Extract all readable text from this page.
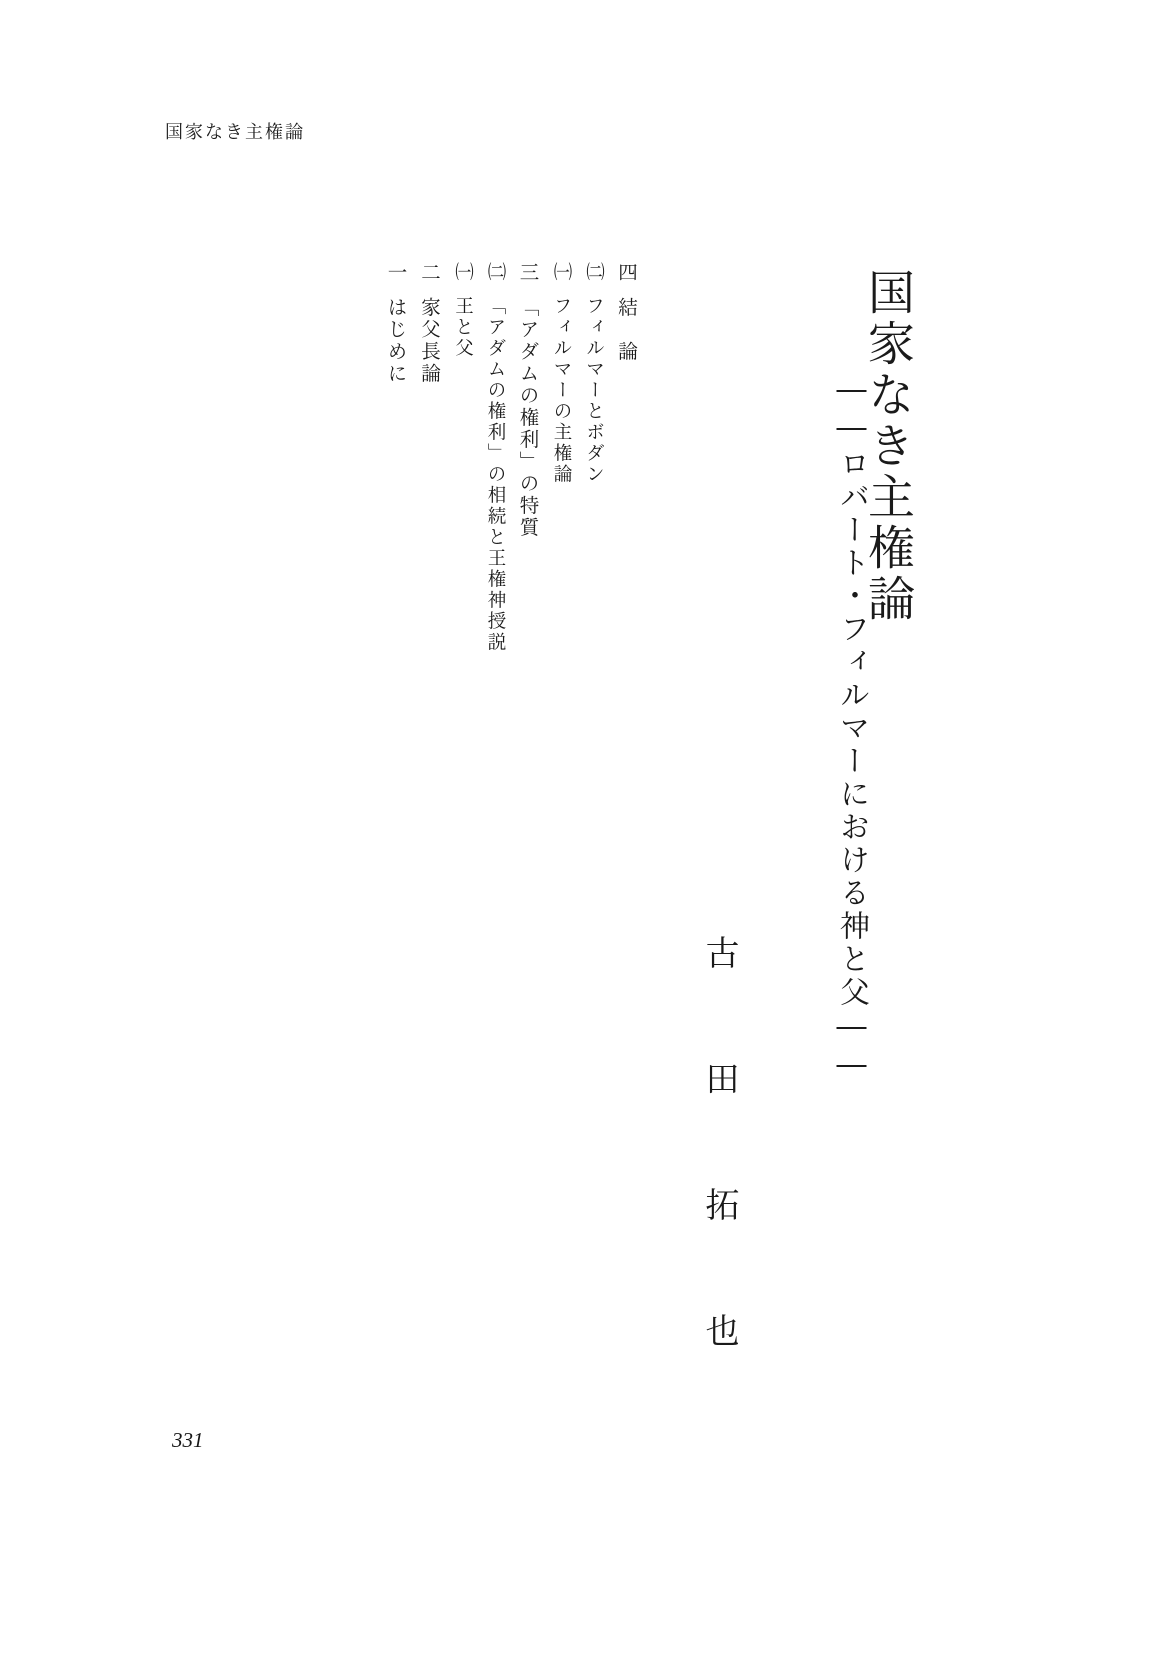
国家なき主権論
国家なき主権論
――ロバート・フィルマーにおける神と父――
古 田 拓 也
一はじめに
二家父長論
㈠王と父
㈡「アダムの権利」の相続と王権神授説
三「アダムの権利」の特質
㈠フィルマーの主権論
㈡フィルマーとボダン
四結　論
331
